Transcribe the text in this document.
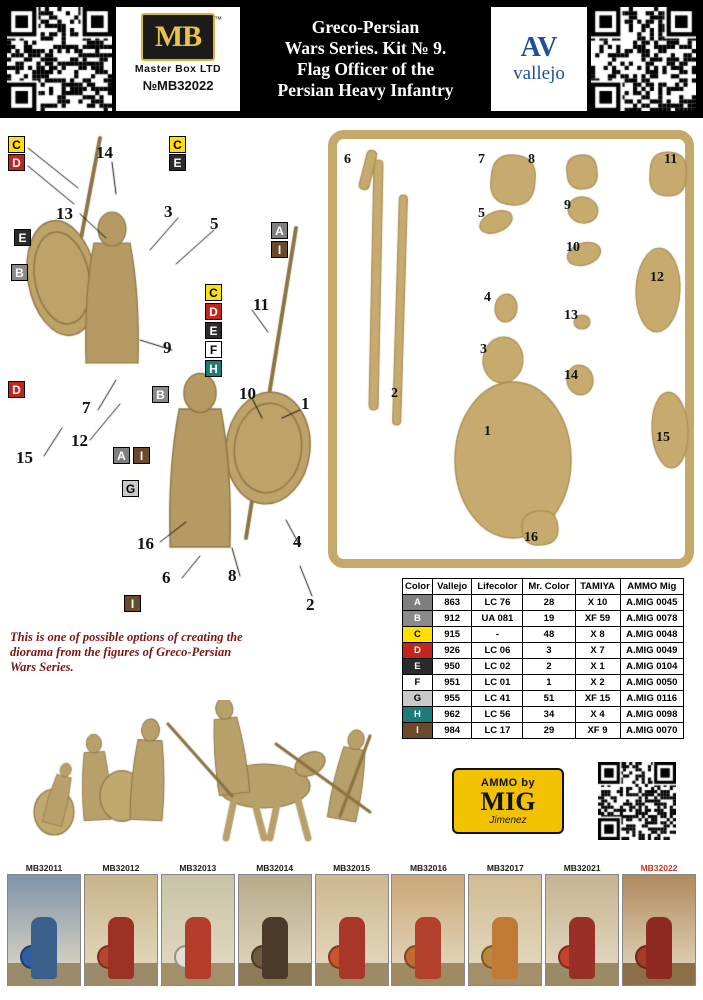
MB
™
Master Box LTD
№MB32022
Greco-Persian
Wars Series. Kit № 9.
Flag Officer of the
Persian Heavy Infantry
AV
vallejo
C
D
C
E
E
B
D	B
C
D
E
F
H
A
I
A	I
G
I
14
13	3
5
9
7
12
15
11
10
1
16
6	8
4
2
6	7	8	11
5
9
10
4
13
12
3
14
2
1	15
16
Color	Vallejo	Lifecolor	Mr. Color	TAMIYA	AMMO Mig
A	863	LC 76	28	X 10	A.MIG 0045
B	912	UA 081	19	XF 59	A.MIG 0078
C	915	-	48	X 8	A.MIG 0048
D	926	LC 06	3	X 7	A.MIG 0049
E	950	LC 02	2	X 1	A.MIG 0104
F	951	LC 01	1	X 2	A.MIG 0050
G	955	LC 41	51	XF 15	A.MIG 0116
H	962	LC 56	34	X 4	A.MIG 0098
I	984	LC 17	29	XF 9	A.MIG 0070
This is one of possible options of creating the diorama from the figures of Greco-Persian Wars Series.
AMMO by
MIG
Jimenez
MB32011	MB32012	MB32013	MB32014	MB32015	MB32016	MB32017	MB32021	MB32022
